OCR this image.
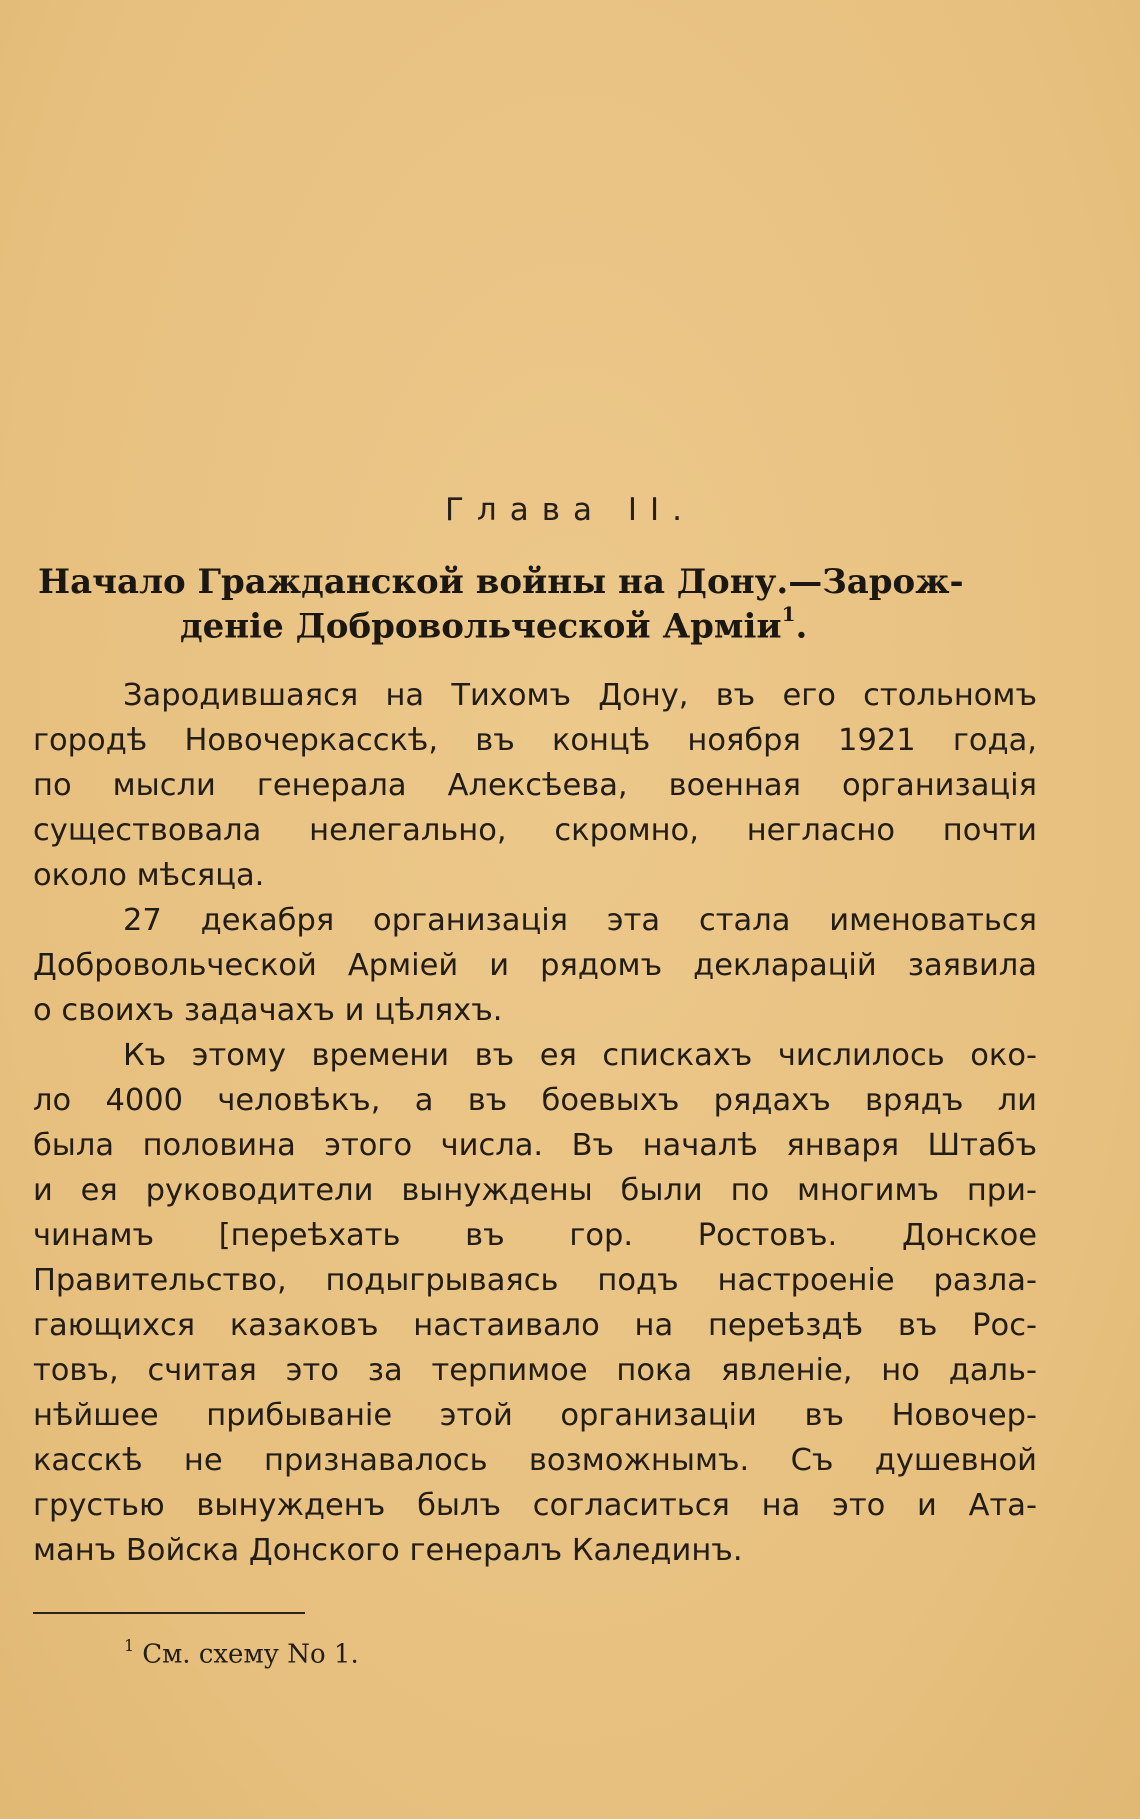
Глава II.
Начало Гражданской войны на Дону.—Зарож-
деніе Добровольческой Арміи$^1$.
Зародившаяся на Тихомъ Дону, въ его стольномъ
городѣ Новочеркасскѣ, въ концѣ ноября 1921 года,
по мысли генерала Алексѣева, военная организація
существовала нелегально, скромно, негласно почти
около мѣсяца.
27 декабря организація эта стала именоваться
Добровольческой Арміей и рядомъ декларацій заявила
о своихъ задачахъ и цѣляхъ.
Къ этому времени въ ея спискахъ числилось око-
ло 4000 человѣкъ, а въ боевыхъ рядахъ врядъ ли
была половина этого числа. Въ началѣ января Штабъ
и ея руководители вынуждены были по многимъ при-
чинамъ [переѣхать въ гор. Ростовъ. Донское
Правительство, подыгрываясь подъ настроеніе разла-
гающихся казаковъ настаивало на переѣздѣ въ Рос-
товъ, считая это за терпимое пока явленіе, но даль-
нѣйшее прибываніе этой организаціи въ Новочер-
касскѣ не признавалось возможнымъ. Съ душевной
грустью вынужденъ былъ согласиться на это и Ата-
манъ Войска Донского генералъ Калединъ.
$^1$ См. схему No 1.
